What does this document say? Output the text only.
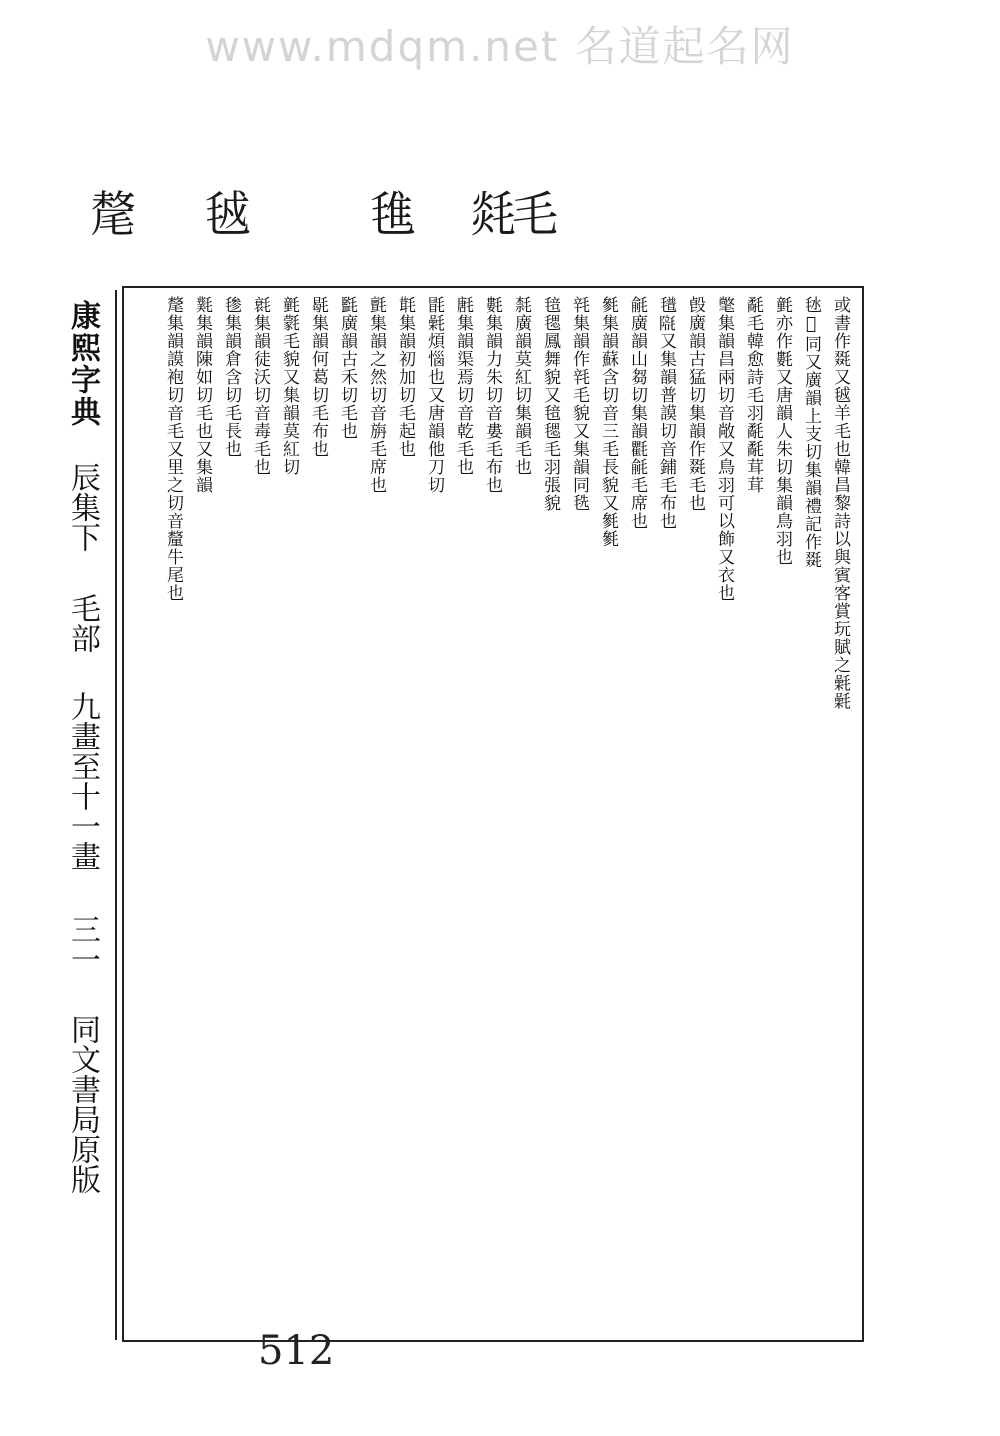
www.mdqm.net 名道起名网
氂 㲓	㲝 㲜毛
康熙字典 辰集下 毛部 九畫至十一畫 三一 同文書局原版
或書作毲又㲓羊毛也韓昌黎詩以與賓客賞玩賦之氉氉
㲑𣮸同又廣韻上支切集韻禮記作毲
氃亦作氀又唐韻人朱切集韻鳥羽也
氄毛韓愈詩毛羽氄氄茸茸
氅集韻昌兩切音敞又鳥羽可以飾又衣也
㲃廣韻古猛切集韻作毲毛也
氆𣯱又集韻普謨切音鋪毛布也
毹廣韻山芻切集韻氍毹毛席也
毿集韻蘇含切音三毛長貌又毿毿
㲔集韻作㲔毛貌又集韻同毨
毰毸鳳舞貌又毰毸毛羽張貌
㲡廣韻莫紅切集韻毛也
氀集韻力朱切音婁毛布也
㲥集韻渠焉切音乾毛也
毷氉煩惱也又唐韻他刀切
㲨集韻初加切毛起也
氈集韻之然切音旃毛席也
㲯廣韻古禾切毛也
毼集韻何葛切毛布也
氃氋毛貌又集韻莫紅切
㲤集韻徒沃切音毒毛也
毶集韻倉含切毛長也
㲫集韻陳如切毛也又集韻
氂集韻謨袍切音毛又里之切音釐牛尾也
512
